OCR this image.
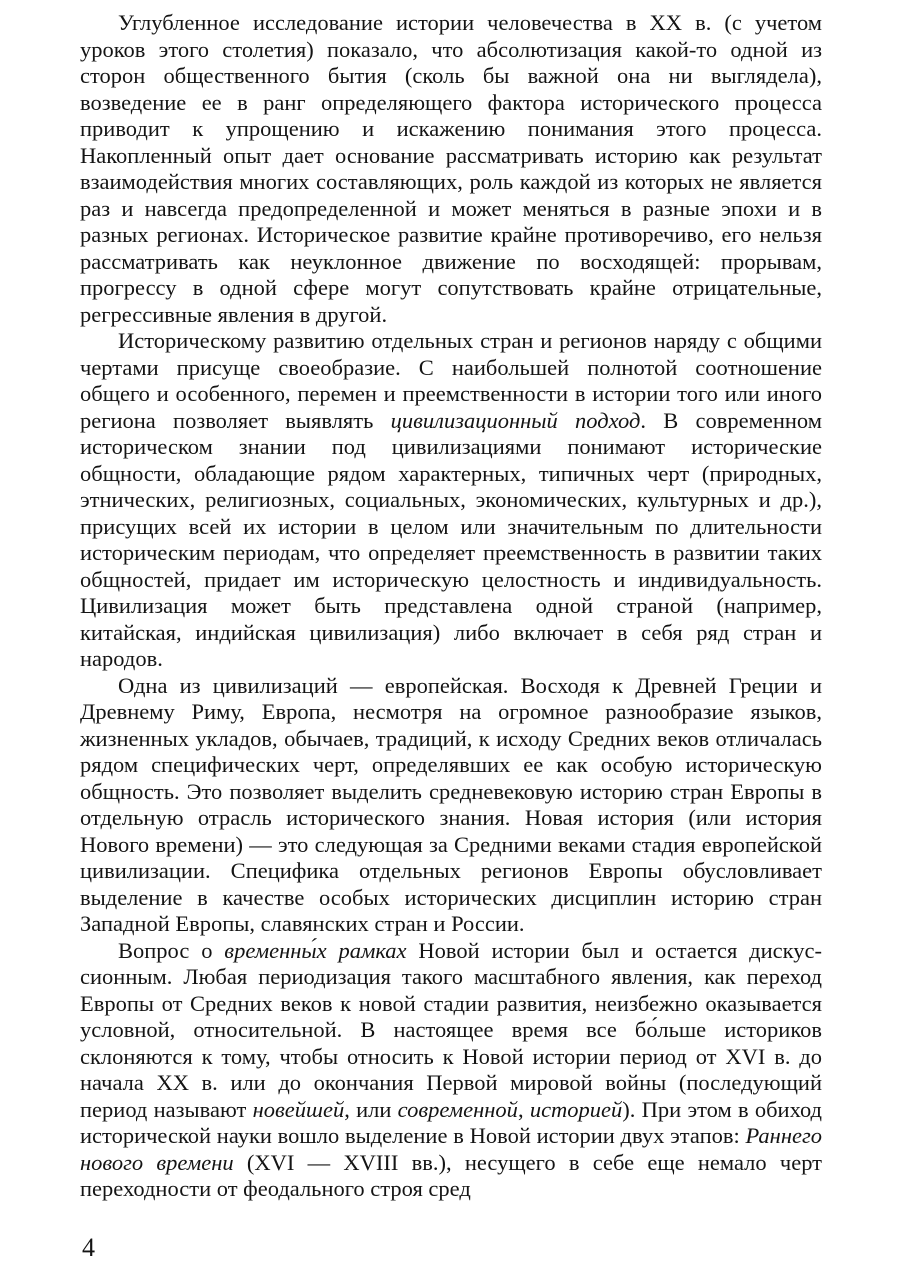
Углубленное исследование истории человечества в XX в. (с учетом уроков этого столетия) показало, что абсолютизация какой-то одной из сторон общественного бытия (сколь бы важной она ни выглядела), возведение ее в ранг определяющего фактора исторического процесса приводит к упрощению и искажению понимания этого процесса. Накопленный опыт дает основание рассматривать историю как результат взаимодействия многих составляющих, роль каждой из которых не является раз и навсегда предопределенной и может меняться в разные эпохи и в разных регионах. Историческое развитие крайне противоречиво, его нельзя рассматривать как неуклонное движение по восходящей: прорывам, прогрессу в одной сфере могут сопутствовать крайне отрицательные, регрессивные явления в другой.

Историческому развитию отдельных стран и регионов наряду с общими чертами присуще своеобразие. С наибольшей полнотой соотношение общего и особенного, перемен и преемственности в истории того или иного региона позволяет выявлять цивилизационный подход. В современном историческом знании под цивилизациями понимают исторические общности, обладающие рядом характерных, типичных черт (природных, этнических, религиозных, социальных, экономических, культурных и др.), присущих всей их истории в целом или значительным по длительности историческим периодам, что определяет преемственность в развитии таких общностей, придает им историческую целостность и индивидуальность. Цивилизация может быть представлена одной страной (например, китайская, индийская цивилизация) либо включает в себя ряд стран и народов.

Одна из цивилизаций — европейская. Восходя к Древней Греции и Древнему Риму, Европа, несмотря на огромное разнообразие языков, жизненных укладов, обычаев, традиций, к исходу Средних веков отличалась рядом специфических черт, определявших ее как особую историческую общность. Это позволяет выделить средневековую историю стран Европы в отдельную отрасль исторического знания. Новая история (или история Нового времени) — это следующая за Средними веками стадия европейской цивилизации. Специфика отдельных регионов Европы обусловливает выделение в качестве особых исторических дисциплин историю стран Западной Европы, славянских стран и России.

Вопрос о временны́х рамках Новой истории был и остается дискуссионным. Любая периодизация такого масштабного явления, как переход Европы от Средних веков к новой стадии развития, неизбежно оказывается условной, относительной. В настоящее время все бо́льше историков склоняются к тому, чтобы относить к Новой истории период от XVI в. до начала XX в. или до окончания Первой мировой войны (последующий период называют новейшей, или современной, историей). При этом в обиход исторической науки вошло выделение в Новой истории двух этапов: Раннего нового времени (XVI — XVIII вв.), несущего в себе еще немало черт переходности от феодального строя сред

4
